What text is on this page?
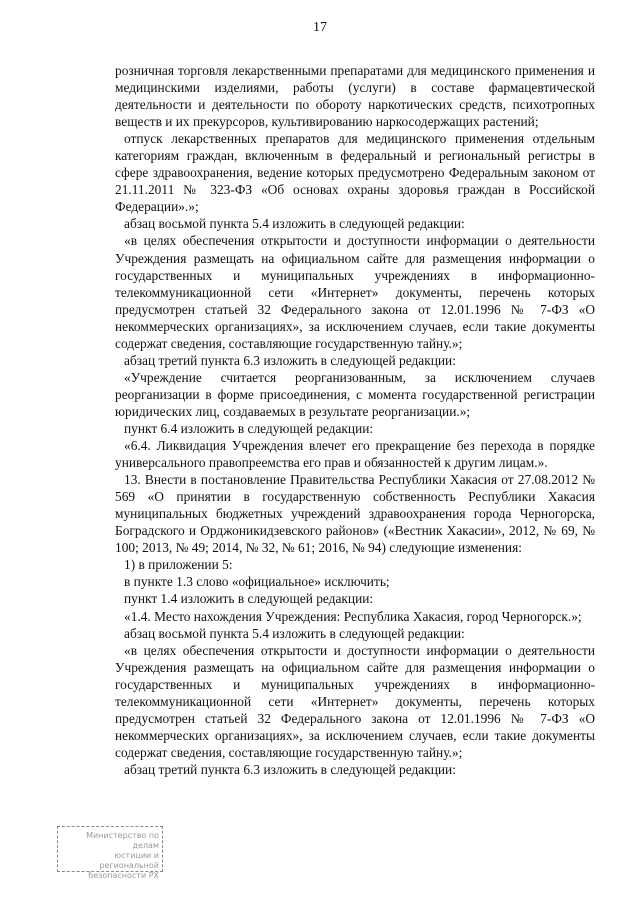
17

розничная торговля лекарственными препаратами для медицинского применения и медицинскими изделиями, работы (услуги) в составе фармацевтической деятельности и деятельности по обороту наркотических средств, психотропных веществ и их прекурсоров, культивированию наркосодержащих растений;

отпуск лекарственных препаратов для медицинского применения отдельным категориям граждан, включенным в федеральный и региональный регистры в сфере здравоохранения, ведение которых предусмотрено Федеральным законом от 21.11.2011 № 323-ФЗ «Об основах охраны здоровья граждан в Российской Федерации».»;

абзац восьмой пункта 5.4 изложить в следующей редакции:

«в целях обеспечения открытости и доступности информации о деятельности Учреждения размещать на официальном сайте для размещения информации о государственных и муниципальных учреждениях в информационно-телекоммуникационной сети «Интернет» документы, перечень которых предусмотрен статьей 32 Федерального закона от 12.01.1996 № 7-ФЗ «О некоммерческих организациях», за исключением случаев, если такие документы содержат сведения, составляющие государственную тайну.»;

абзац третий пункта 6.3 изложить в следующей редакции:

«Учреждение считается реорганизованным, за исключением случаев реорганизации в форме присоединения, с момента государственной регистрации юридических лиц, создаваемых в результате реорганизации.»;

пункт 6.4 изложить в следующей редакции:

«6.4. Ликвидация Учреждения влечет его прекращение без перехода в порядке универсального правопреемства его прав и обязанностей к другим лицам.».

13. Внести в постановление Правительства Республики Хакасия от 27.08.2012 № 569 «О принятии в государственную собственность Республики Хакасия муниципальных бюджетных учреждений здравоохранения города Черногорска, Боградского и Орджоникидзевского районов» («Вестник Хакасии», 2012, № 69, № 100; 2013, № 49; 2014, № 32, № 61; 2016, № 94) следующие изменения:

1) в приложении 5:

в пункте 1.3 слово «официальное» исключить;

пункт 1.4 изложить в следующей редакции:

«1.4. Место нахождения Учреждения: Республика Хакасия, город Черногорск.»;

абзац восьмой пункта 5.4 изложить в следующей редакции:

«в целях обеспечения открытости и доступности информации о деятельности Учреждения размещать на официальном сайте для размещения информации о государственных и муниципальных учреждениях в информационно-телекоммуникационной сети «Интернет» документы, перечень которых предусмотрен статьей 32 Федерального закона от 12.01.1996 № 7-ФЗ «О некоммерческих организациях», за исключением случаев, если такие документы содержат сведения, составляющие государственную тайну.»;

абзац третий пункта 6.3 изложить в следующей редакции:

Министерство по делам
юстиции и региональной
безопасности РХ
